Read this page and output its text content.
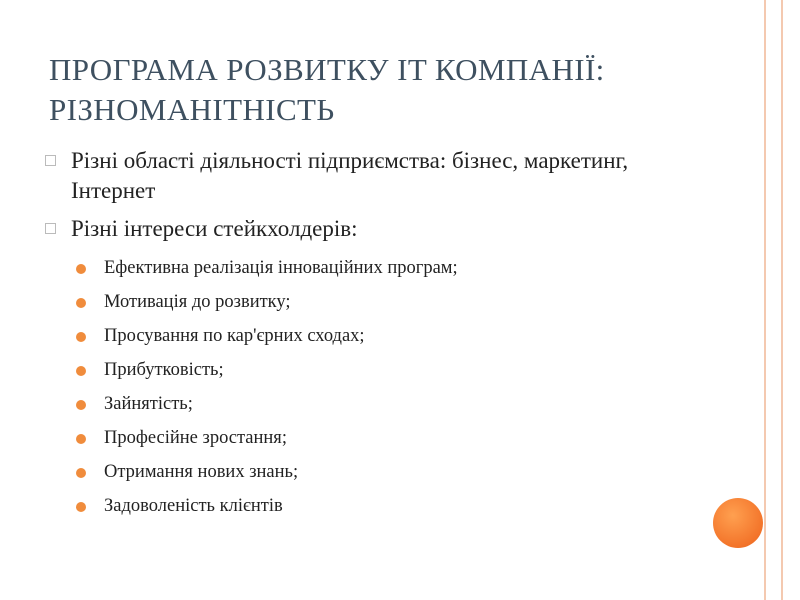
ПРОГРАМА РОЗВИТКУ IT КОМПАНІЇ: РІЗНОМАНІТНІСТЬ
Різні області діяльності підприємства: бізнес, маркетинг, Інтернет
Різні інтереси стейкхолдерів:
Ефективна реалізація інноваційних програм;
Мотивація до розвитку;
Просування по кар'єрних сходах;
Прибутковість;
Зайнятість;
Професійне зростання;
Отримання нових знань;
Задоволеність клієнтів
